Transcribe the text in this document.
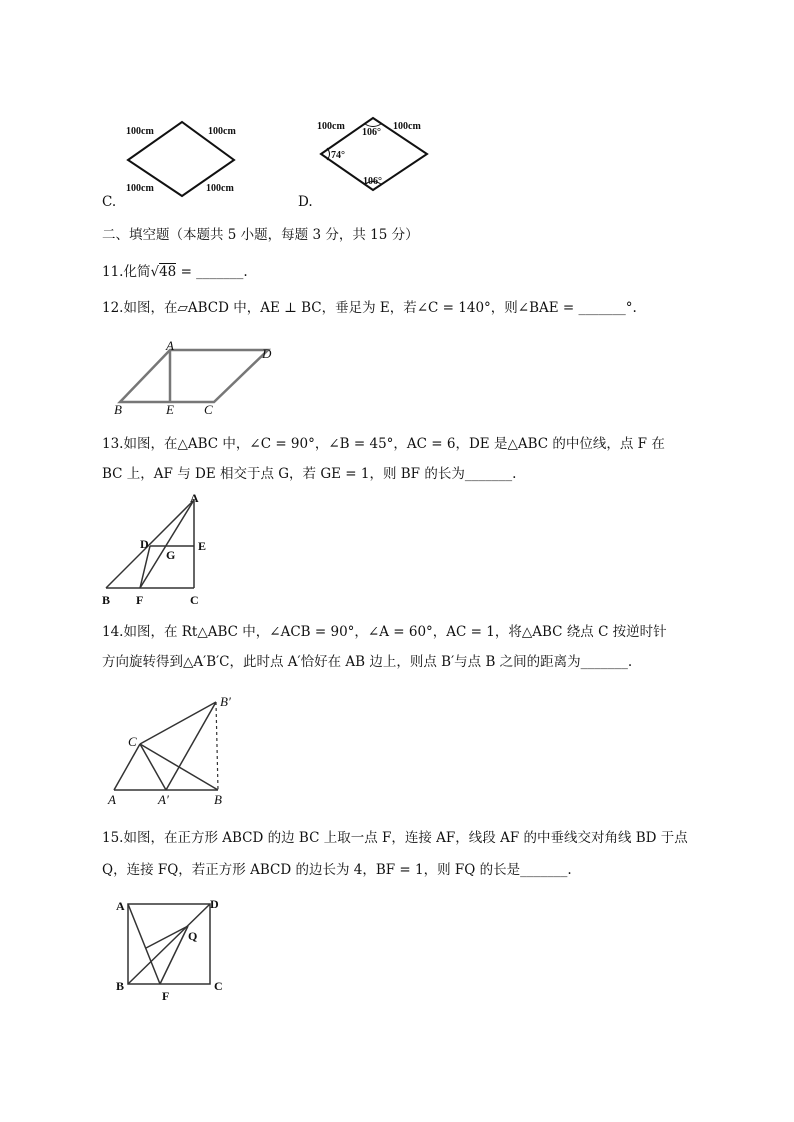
100cm	100cm
100cm	100cm
C.
100cm	100cm
106°
74°
106°
D.
二、填空题（本题共 5 小题，每题 3 分，共 15 分）
11.化简√48 = _______.
12.如图，在▱ABCD 中，AE ⊥ BC，垂足为 E，若∠C = 140°，则∠BAE = _______°.
A
D
B	E C
13.如图，在△ABC 中，∠C = 90°，∠B = 45°，AC = 6，DE 是△ABC 的中位线，点 F 在
BC 上，AF 与 DE 相交于点 G，若 GE = 1，则 BF 的长为_______.
A
D
G
E
B F	C
14.如图，在 Rt△ABC 中，∠ACB = 90°，∠A = 60°，AC = 1，将△ABC 绕点 C 按逆时针
方向旋转得到△A′B′C，此时点 A′恰好在 AB 边上，则点 B′与点 B 之间的距离为_______.
B′
C
A	A′	B
15.如图，在正方形 ABCD 的边 BC 上取一点 F，连接 AF，线段 AF 的中垂线交对角线 BD 于点
Q，连接 FQ，若正方形 ABCD 的边长为 4，BF = 1，则 FQ 的长是_______.
A	D
Q
B
F
C
